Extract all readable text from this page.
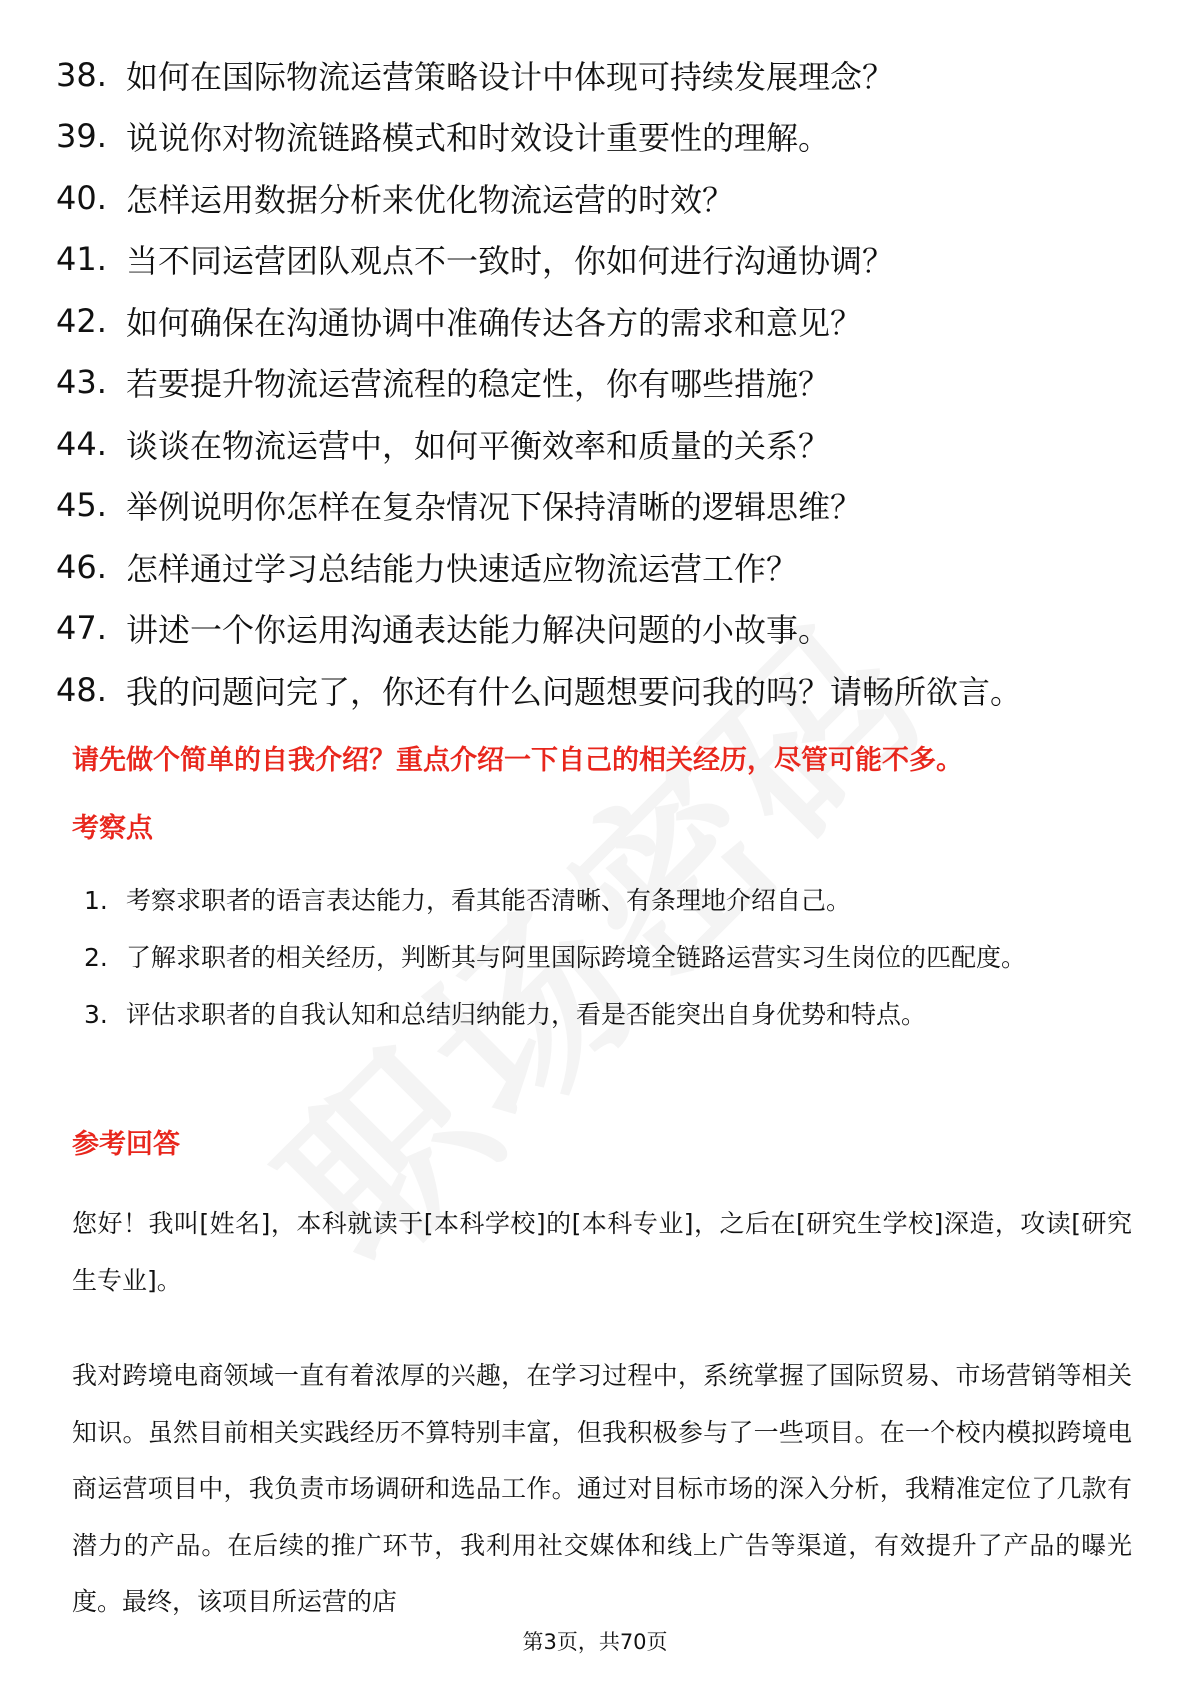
38. 如何在国际物流运营策略设计中体现可持续发展理念？
39. 说说你对物流链路模式和时效设计重要性的理解。
40. 怎样运用数据分析来优化物流运营的时效？
41. 当不同运营团队观点不一致时，你如何进行沟通协调？
42. 如何确保在沟通协调中准确传达各方的需求和意见？
43. 若要提升物流运营流程的稳定性，你有哪些措施？
44. 谈谈在物流运营中，如何平衡效率和质量的关系？
45. 举例说明你怎样在复杂情况下保持清晰的逻辑思维？
46. 怎样通过学习总结能力快速适应物流运营工作？
47. 讲述一个你运用沟通表达能力解决问题的小故事。
48. 我的问题问完了，你还有什么问题想要问我的吗？请畅所欲言。
请先做个简单的自我介绍？重点介绍一下自己的相关经历，尽管可能不多。
考察点
1. 考察求职者的语言表达能力，看其能否清晰、有条理地介绍自己。
2. 了解求职者的相关经历，判断其与阿里国际跨境全链路运营实习生岗位的匹配度。
3. 评估求职者的自我认知和总结归纳能力，看是否能突出自身优势和特点。
参考回答
您好！我叫[姓名]，本科就读于[本科学校]的[本科专业]，之后在[研究生学校]深造，攻读[研究生专业]。
我对跨境电商领域一直有着浓厚的兴趣，在学习过程中，系统掌握了国际贸易、市场营销等相关知识。虽然目前相关实践经历不算特别丰富，但我积极参与了一些项目。在一个校内模拟跨境电商运营项目中，我负责市场调研和选品工作。通过对目标市场的深入分析，我精准定位了几款有潜力的产品。在后续的推广环节，我利用社交媒体和线上广告等渠道，有效提升了产品的曝光度。最终，该项目所运营的店
第3页，共70页
